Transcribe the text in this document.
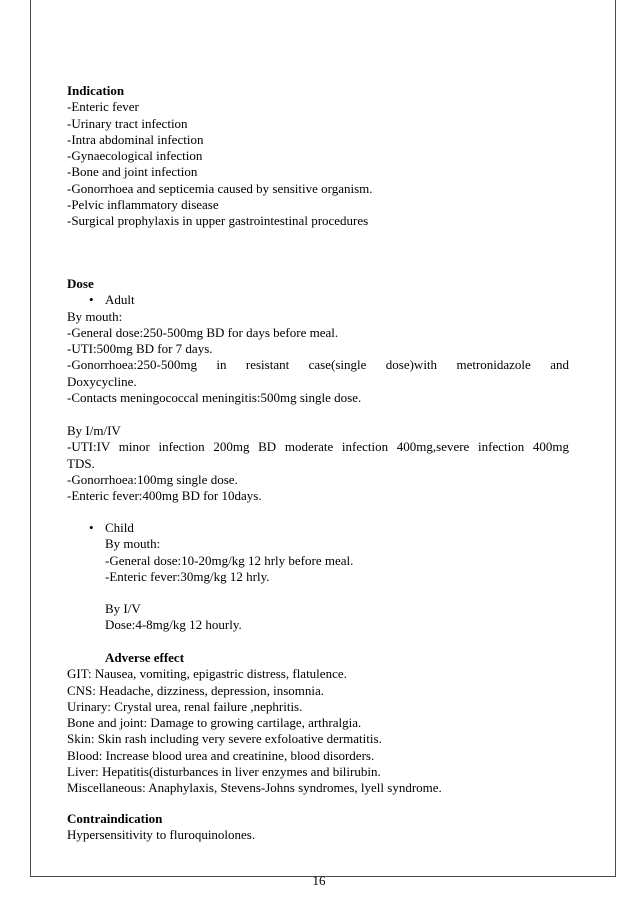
Indication
-Enteric fever
-Urinary tract infection
-Intra abdominal infection
-Gynaecological infection
-Bone and joint infection
-Gonorrhoea and septicemia caused by sensitive organism.
-Pelvic inflammatory disease
-Surgical prophylaxis in upper gastrointestinal procedures
Dose
• Adult
By mouth:
-General dose:250-500mg BD for days before meal.
-UTI:500mg BD for 7 days.
-Gonorrhoea:250-500mg in resistant case(single dose)with metronidazole and
Doxycycline.
-Contacts meningococcal meningitis:500mg single dose.
By I/m/IV
-UTI:IV minor infection 200mg BD moderate infection 400mg,severe infection 400mg
TDS.
-Gonorrhoea:100mg single dose.
-Enteric fever:400mg BD for 10days.
• Child
By mouth:
-General dose:10-20mg/kg 12 hrly before meal.
-Enteric fever:30mg/kg 12 hrly.
By I/V
Dose:4-8mg/kg 12 hourly.
Adverse effect
GIT: Nausea, vomiting, epigastric distress, flatulence.
CNS: Headache, dizziness, depression, insomnia.
Urinary: Crystal urea, renal failure ,nephritis.
Bone and joint: Damage to growing cartilage, arthralgia.
Skin: Skin rash including very severe exfoloative dermatitis.
Blood: Increase blood urea and creatinine, blood disorders.
Liver: Hepatitis(disturbances in liver enzymes and bilirubin.
Miscellaneous: Anaphylaxis, Stevens-Johns syndromes, lyell syndrome.
Contraindication
Hypersensitivity to fluroquinolones.
16
